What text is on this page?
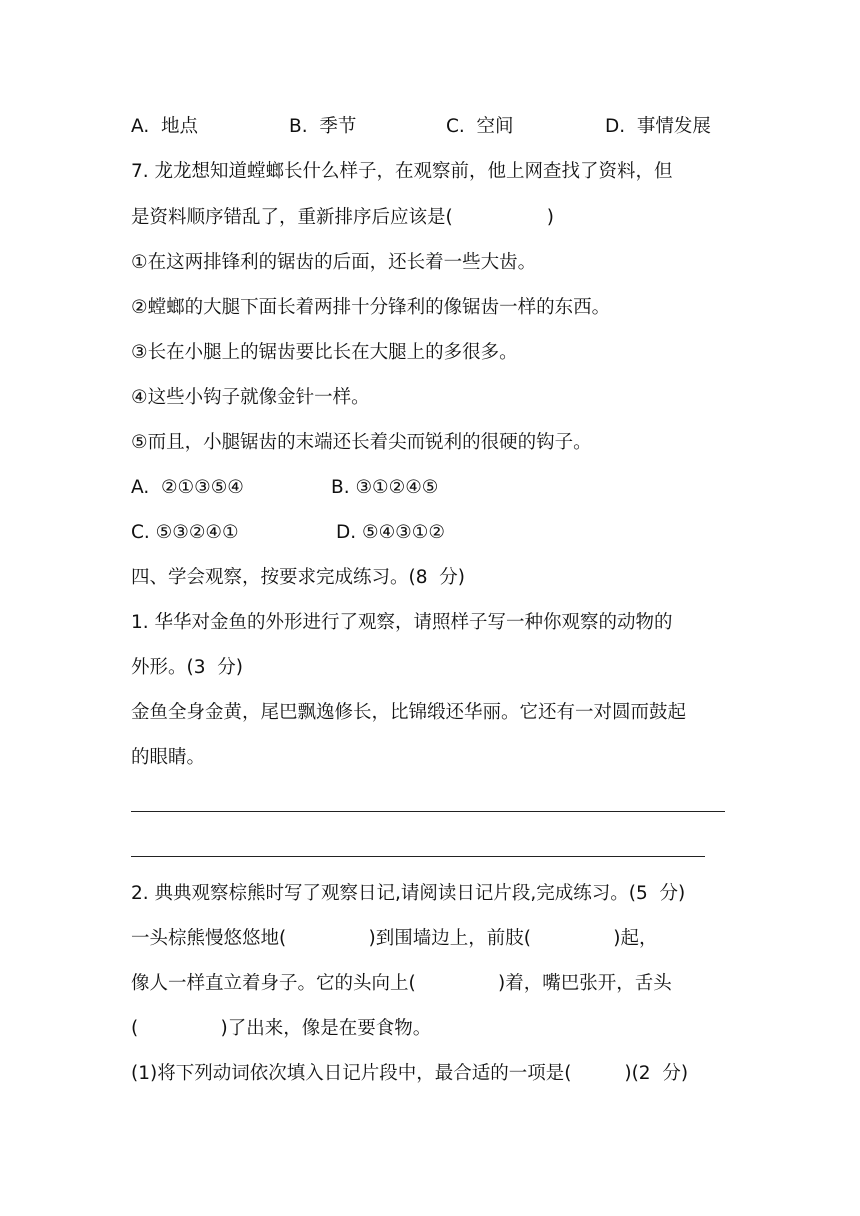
A.  地点	B.  季节	C.  空间	D.  事情发展
7. 龙龙想知道螳螂长什么样子，在观察前，他上网查找了资料，但
是资料顺序错乱了，重新排序后应该是(                )
①在这两排锋利的锯齿的后面，还长着一些大齿。
②螳螂的大腿下面长着两排十分锋利的像锯齿一样的东西。
③长在小腿上的锯齿要比长在大腿上的多很多。
④这些小钩子就像金针一样。
⑤而且，小腿锯齿的末端还长着尖而锐利的很硬的钩子。
A.  ②①③⑤④	B. ③①②④⑤
C. ⑤③②④①	D. ⑤④③①②
四、学会观察，按要求完成练习。(8  分)
1. 华华对金鱼的外形进行了观察，请照样子写一种你观察的动物的
外形。(3  分)
金鱼全身金黄，尾巴飘逸修长，比锦缎还华丽。它还有一对圆而鼓起
的眼睛。
2. 典典观察棕熊时写了观察日记,请阅读日记片段,完成练习。(5  分)
一头棕熊慢悠悠地(              )到围墙边上，前肢(              )起，
像人一样直立着身子。它的头向上(              )着，嘴巴张开，舌头
(              )了出来，像是在要食物。
(1)将下列动词依次填入日记片段中，最合适的一项是(         )(2  分)
